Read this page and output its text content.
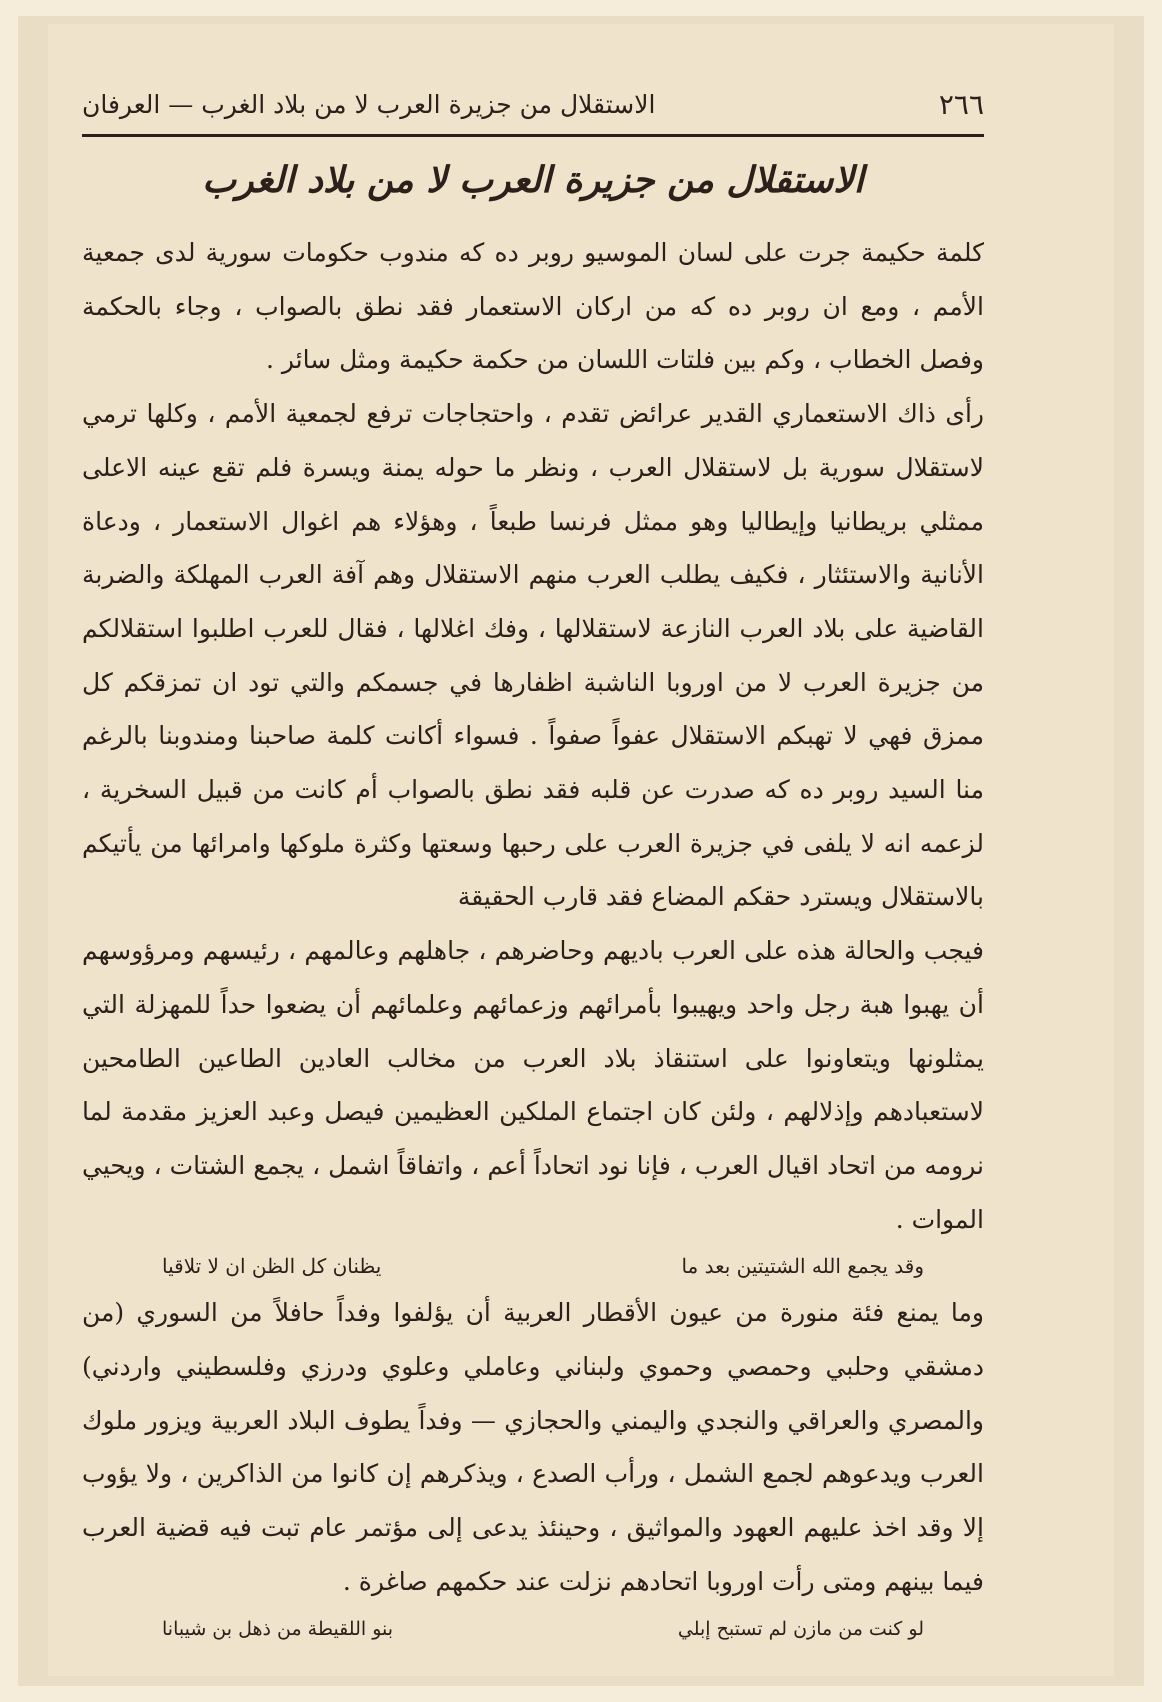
٢٦٦
الاستقلال من جزيرة العرب لا من بلاد الغرب — العرفان
الاستقلال من جزيرة العرب لا من بلاد الغرب

كلمة حكيمة جرت على لسان الموسيو روبر ده كه مندوب حكومات سورية لدى جمعية الأمم ، ومع ان روبر ده كه من اركان الاستعمار فقد نطق بالصواب ، وجاء بالحكمة وفصل الخطاب ، وكم بين فلتات اللسان من حكمة حكيمة ومثل سائر .

رأى ذاك الاستعماري القدير عرائض تقدم ، واحتجاجات ترفع لجمعية الأمم ، وكلها ترمي لاستقلال سورية بل لاستقلال العرب ، ونظر ما حوله يمنة ويسرة فلم تقع عينه الاعلى ممثلي بريطانيا وإيطاليا وهو ممثل فرنسا طبعاً ، وهؤلاء هم اغوال الاستعمار ، ودعاة الأنانية والاستئثار ، فكيف يطلب العرب منهم الاستقلال وهم آفة العرب المهلكة والضربة القاضية على بلاد العرب النازعة لاستقلالها ، وفك اغلالها ، فقال للعرب اطلبوا استقلالكم من جزيرة العرب لا من اوروبا الناشبة اظفارها في جسمكم والتي تود ان تمزقكم كل ممزق فهي لا تهبكم الاستقلال عفواً صفواً . فسواء أكانت كلمة صاحبنا ومندوبنا بالرغم منا السيد روبر ده كه صدرت عن قلبه فقد نطق بالصواب أم كانت من قبيل السخرية ، لزعمه انه لا يلفى في جزيرة العرب على رحبها وسعتها وكثرة ملوكها وامرائها من يأتيكم بالاستقلال ويسترد حقكم المضاع فقد قارب الحقيقة

فيجب والحالة هذه على العرب باديهم وحاضرهم ، جاهلهم وعالمهم ، رئيسهم ومرؤوسهم أن يهبوا هبة رجل واحد ويهيبوا بأمرائهم وزعمائهم وعلمائهم أن يضعوا حداً للمهزلة التي يمثلونها ويتعاونوا على استنقاذ بلاد العرب من مخالب العادين الطاعين الطامحين لاستعبادهم وإذلالهم ، ولئن كان اجتماع الملكين العظيمين فيصل وعبد العزيز مقدمة لما نرومه من اتحاد اقيال العرب ، فإنا نود اتحاداً أعم ، واتفاقاً اشمل ، يجمع الشتات ، ويحيي الموات .

وقد يجمع الله الشتيتين بعد ما
يظنان كل الظن ان لا تلاقيا

وما يمنع فئة منورة من عيون الأقطار العربية أن يؤلفوا وفداً حافلاً من السوري (من دمشقي وحلبي وحمصي وحموي ولبناني وعاملي وعلوي ودرزي وفلسطيني واردني) والمصري والعراقي والنجدي واليمني والحجازي — وفداً يطوف البلاد العربية ويزور ملوك العرب ويدعوهم لجمع الشمل ، ورأب الصدع ، ويذكرهم إن كانوا من الذاكرين ، ولا يؤوب إلا وقد اخذ عليهم العهود والمواثيق ، وحينئذ يدعى إلى مؤتمر عام تبت فيه قضية العرب فيما بينهم ومتى رأت اوروبا اتحادهم نزلت عند حكمهم صاغرة .

لو كنت من مازن لم تستبح إبلي
بنو اللقيطة من ذهل بن شيبانا
